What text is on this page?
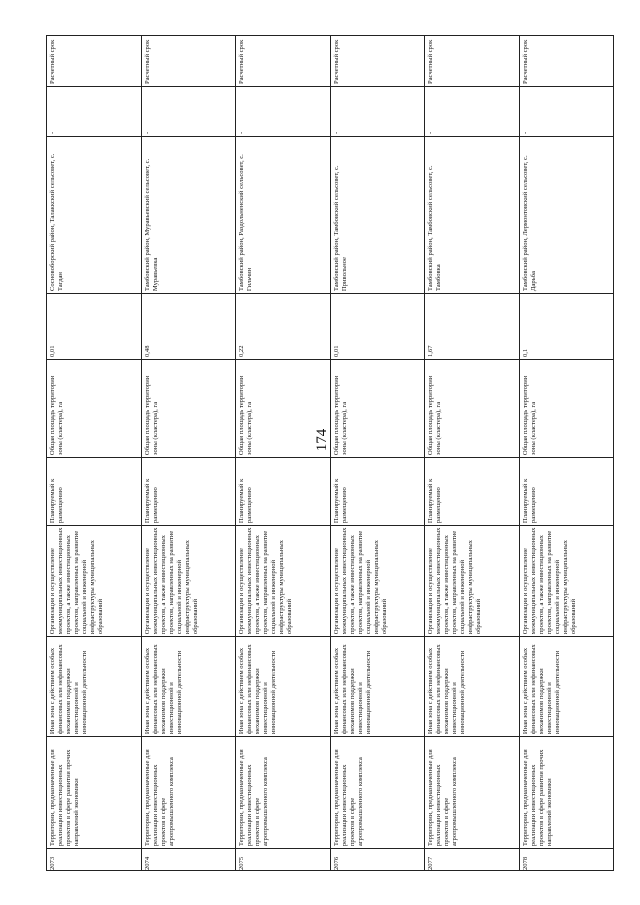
174
2073
Территории, предназначенные для реализации инвестиционных проектов в сфере развития прочих направлений экономики
Иная зона с действием особых финансовых или нефинансовых механизмов поддержки инвестиционной и инновационной деятельности
Организация и осуществление межмуниципальных инвестиционных проектов, а также инвестиционных проектов, направленных на развитие социальной и инженерной инфраструктуры муниципальных образований
Планируемый к размещению
Общая площадь территории зоны (кластера), га
0,01
Сосновоборский район, Талаккский сельсовет, с. Тагдан
-
Расчетный срок
2074
Территории, предназначенные для реализации инвестиционных проектов в сфере агропромышленного комплекса
Иная зона с действием особых финансовых или нефинансовых механизмов поддержки инвестиционной и инновационной деятельности
Организация и осуществление межмуниципальных инвестиционных проектов, а также инвестиционных проектов, направленных на развитие социальной и инженерной инфраструктуры муниципальных образований
Планируемый к размещению
Общая площадь территории зоны (кластера), га
0,48
Тамбовский район, Муравьевский сельсовет, с. Муравьевка
-
Расчетный срок
2075
Территории, предназначенные для реализации инвестиционных проектов в сфере агропромышленного комплекса
Иная зона с действием особых финансовых или нефинансовых механизмов поддержки инвестиционной и инновационной деятельности
Организация и осуществление межмуниципальных инвестиционных проектов, а также инвестиционных проектов, направленных на развитие социальной и инженерной инфраструктуры муниципальных образований
Планируемый к размещению
Общая площадь территории зоны (кластера), га
0,22
Тамбовский район, Раздольненский сельсовет, с. Гильчин
-
Расчетный срок
2076
Территории, предназначенные для реализации инвестиционных проектов в сфере агропромышленного комплекса
Иная зона с действием особых финансовых или нефинансовых механизмов поддержки инвестиционной и инновационной деятельности
Организация и осуществление межмуниципальных инвестиционных проектов, а также инвестиционных проектов, направленных на развитие социальной и инженерной инфраструктуры муниципальных образований
Планируемый к размещению
Общая площадь территории зоны (кластера), га
0,01
Тамбовский район, Тамбовский сельсовет, с. Привольное
-
Расчетный срок
2077
Территории, предназначенные для реализации инвестиционных проектов в сфере агропромышленного комплекса
Иная зона с действием особых финансовых или нефинансовых механизмов поддержки инвестиционной и инновационной деятельности
Организация и осуществление межмуниципальных инвестиционных проектов, а также инвестиционных проектов, направленных на развитие социальной и инженерной инфраструктуры муниципальных образований
Планируемый к размещению
Общая площадь территории зоны (кластера), га
1,67
Тамбовский район, Тамбовский сельсовет, с. Тамбовка
-
Расчетный срок
2078
Территории, предназначенные для реализации инвестиционных проектов в сфере развития прочих направлений экономики
Иная зона с действием особых финансовых или нефинансовых механизмов поддержки инвестиционной и инновационной деятельности
Организация и осуществление межмуниципальных инвестиционных проектов, а также инвестиционных проектов, направленных на развитие социальной и инженерной инфраструктуры муниципальных образований
Планируемый к размещению
Общая площадь территории зоны (кластера), га
0,1
Тамбовский район, Лермонтовский сельсовет, с. Дарьба
-
Расчетный срок
